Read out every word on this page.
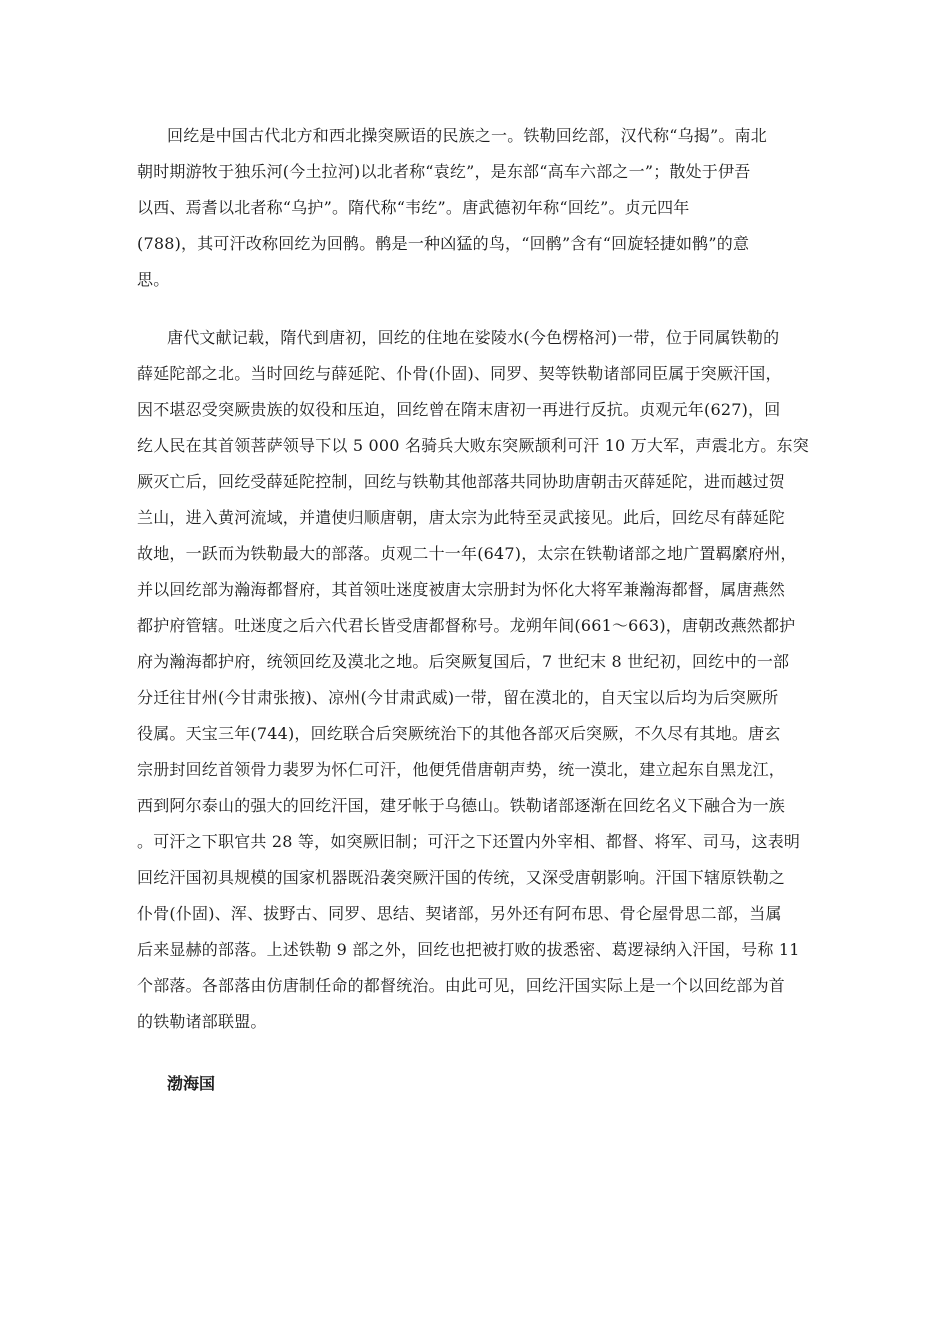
回纥是中国古代北方和西北操突厥语的民族之一。铁勒回纥部，汉代称“乌揭”。南北
朝时期游牧于独乐河(今土拉河)以北者称“袁纥”，是东部“高车六部之一”；散处于伊吾
以西、焉耆以北者称“乌护”。隋代称“韦纥”。唐武德初年称“回纥”。贞元四年
(788)，其可汗改称回纥为回鹘。鹘是一种凶猛的鸟，“回鹘”含有“回旋轻捷如鹘”的意
思。
唐代文献记载，隋代到唐初，回纥的住地在娑陵水(今色楞格河)一带，位于同属铁勒的
薛延陀部之北。当时回纥与薛延陀、仆骨(仆固)、同罗、契等铁勒诸部同臣属于突厥汗国，
因不堪忍受突厥贵族的奴役和压迫，回纥曾在隋末唐初一再进行反抗。贞观元年(627)，回
纥人民在其首领菩萨领导下以 5 000 名骑兵大败东突厥颉利可汗 10 万大军，声震北方。东突
厥灭亡后，回纥受薛延陀控制，回纥与铁勒其他部落共同协助唐朝击灭薛延陀，进而越过贺
兰山，进入黄河流域，并遣使归顺唐朝，唐太宗为此特至灵武接见。此后，回纥尽有薛延陀
故地，一跃而为铁勒最大的部落。贞观二十一年(647)，太宗在铁勒诸部之地广置羁縻府州，
并以回纥部为瀚海都督府，其首领吐迷度被唐太宗册封为怀化大将军兼瀚海都督，属唐燕然
都护府管辖。吐迷度之后六代君长皆受唐都督称号。龙朔年间(661～663)，唐朝改燕然都护
府为瀚海都护府，统领回纥及漠北之地。后突厥复国后，7 世纪末 8 世纪初，回纥中的一部
分迁往甘州(今甘肃张掖)、凉州(今甘肃武威)一带，留在漠北的，自天宝以后均为后突厥所
役属。天宝三年(744)，回纥联合后突厥统治下的其他各部灭后突厥，不久尽有其地。唐玄
宗册封回纥首领骨力裴罗为怀仁可汗，他便凭借唐朝声势，统一漠北，建立起东自黑龙江，
西到阿尔泰山的强大的回纥汗国，建牙帐于乌德山。铁勒诸部逐渐在回纥名义下融合为一族
。可汗之下职官共 28 等，如突厥旧制；可汗之下还置内外宰相、都督、将军、司马，这表明
回纥汗国初具规模的国家机器既沿袭突厥汗国的传统，又深受唐朝影响。汗国下辖原铁勒之
仆骨(仆固)、浑、拔野古、同罗、思结、契诸部，另外还有阿布思、骨仑屋骨思二部，当属
后来显赫的部落。上述铁勒 9 部之外，回纥也把被打败的拔悉密、葛逻禄纳入汗国，号称 11
个部落。各部落由仿唐制任命的都督统治。由此可见，回纥汗国实际上是一个以回纥部为首
的铁勒诸部联盟。
渤海国
